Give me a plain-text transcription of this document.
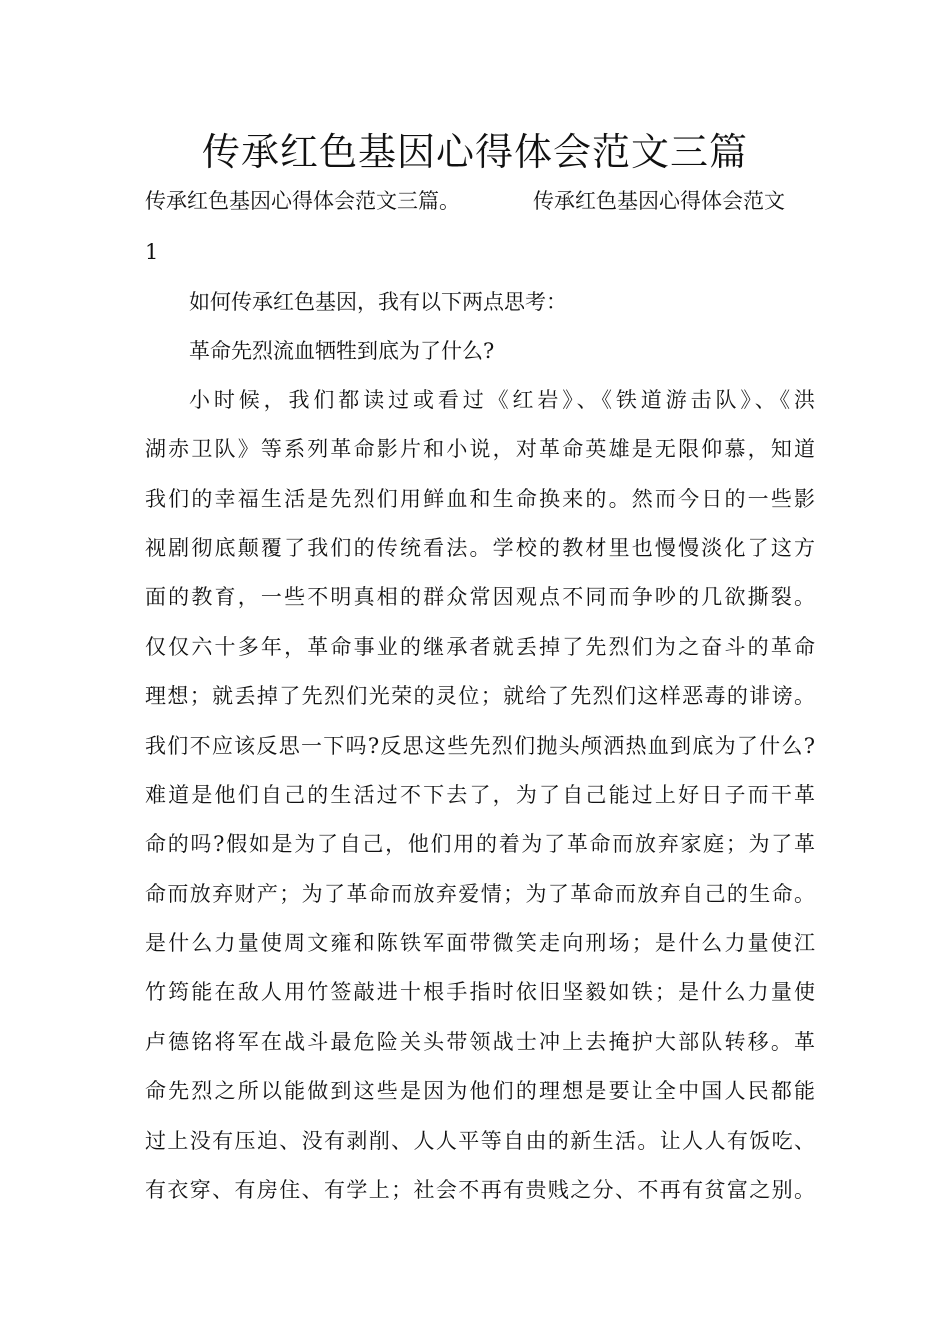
传承红色基因心得体会范文三篇
传承红色基因心得体会范文三篇。	传承红色基因心得体会范文
1
如何传承红色基因，我有以下两点思考：
革命先烈流血牺牲到底为了什么?
小时候，我们都读过或看过《红岩》、《铁道游击队》、《洪
湖赤卫队》等系列革命影片和小说，对革命英雄是无限仰慕，知道
我们的幸福生活是先烈们用鲜血和生命换来的。然而今日的一些影
视剧彻底颠覆了我们的传统看法。学校的教材里也慢慢淡化了这方
面的教育，一些不明真相的群众常因观点不同而争吵的几欲撕裂。
仅仅六十多年，革命事业的继承者就丢掉了先烈们为之奋斗的革命
理想；就丢掉了先烈们光荣的灵位；就给了先烈们这样恶毒的诽谤。
我们不应该反思一下吗?反思这些先烈们抛头颅洒热血到底为了什么?
难道是他们自己的生活过不下去了，为了自己能过上好日子而干革
命的吗?假如是为了自己，他们用的着为了革命而放弃家庭；为了革
命而放弃财产；为了革命而放弃爱情；为了革命而放弃自己的生命。
是什么力量使周文雍和陈铁军面带微笑走向刑场；是什么力量使江
竹筠能在敌人用竹签敲进十根手指时依旧坚毅如铁；是什么力量使
卢德铭将军在战斗最危险关头带领战士冲上去掩护大部队转移。革
命先烈之所以能做到这些是因为他们的理想是要让全中国人民都能
过上没有压迫、没有剥削、人人平等自由的新生活。让人人有饭吃、
有衣穿、有房住、有学上；社会不再有贵贱之分、不再有贫富之别。
